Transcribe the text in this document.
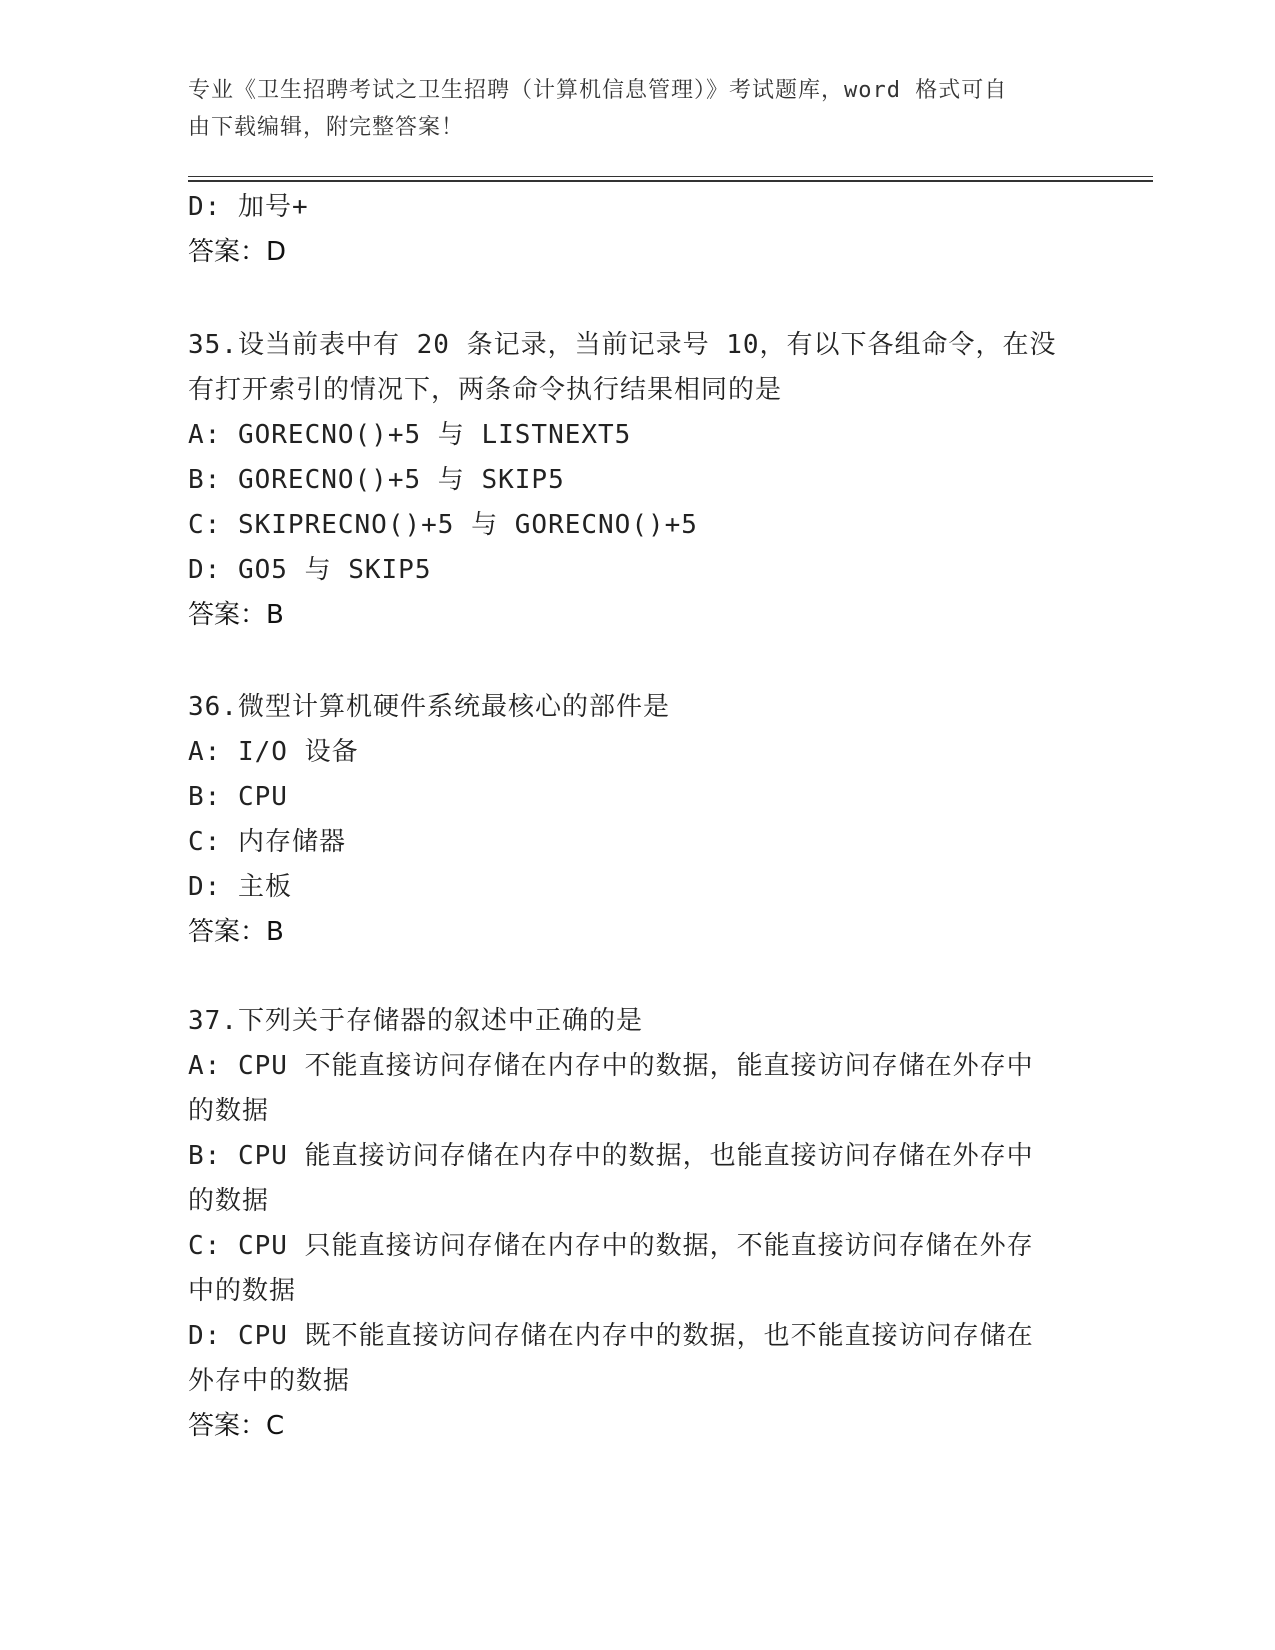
专业《卫生招聘考试之卫生招聘（计算机信息管理）》考试题库，word 格式可自
由下载编辑，附完整答案！
D: 加号+
答案：D
35.设当前表中有 20 条记录，当前记录号 10，有以下各组命令，在没
有打开索引的情况下，两条命令执行结果相同的是
A: GORECNO()+5 与 LISTNEXT5
B: GORECNO()+5 与 SKIP5
C: SKIPRECNO()+5 与 GORECNO()+5
D: GO5 与 SKIP5
答案：B
36.微型计算机硬件系统最核心的部件是
A: I/O 设备
B: CPU
C: 内存储器
D: 主板
答案：B
37.下列关于存储器的叙述中正确的是
A: CPU 不能直接访问存储在内存中的数据，能直接访问存储在外存中
的数据
B: CPU 能直接访问存储在内存中的数据，也能直接访问存储在外存中
的数据
C: CPU 只能直接访问存储在内存中的数据，不能直接访问存储在外存
中的数据
D: CPU 既不能直接访问存储在内存中的数据，也不能直接访问存储在
外存中的数据
答案：C
